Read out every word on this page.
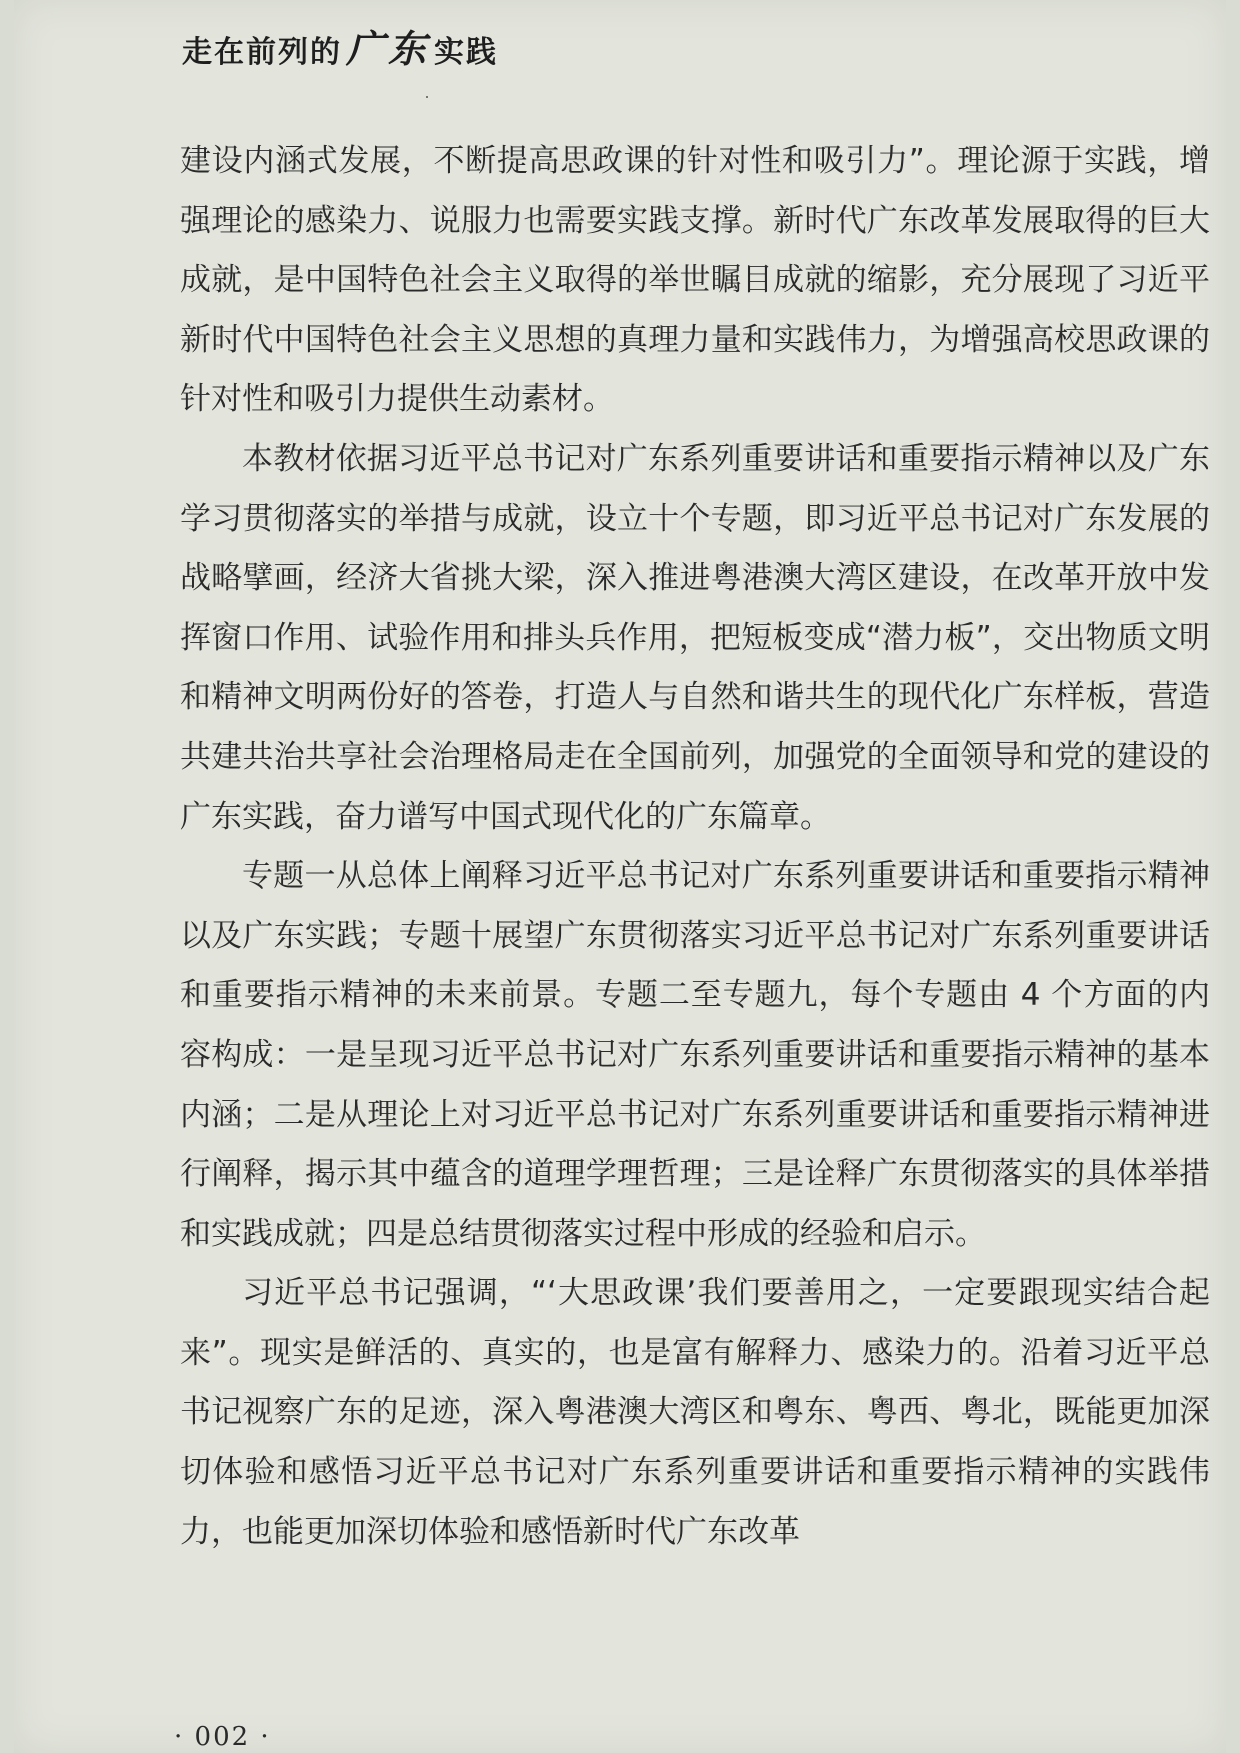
走在前列的 广东 实践

建设内涵式发展，不断提高思政课的针对性和吸引力”。理论源于实践，增强理论的感染力、说服力也需要实践支撑。新时代广东改革发展取得的巨大成就，是中国特色社会主义取得的举世瞩目成就的缩影，充分展现了习近平新时代中国特色社会主义思想的真理力量和实践伟力，为增强高校思政课的针对性和吸引力提供生动素材。

本教材依据习近平总书记对广东系列重要讲话和重要指示精神以及广东学习贯彻落实的举措与成就，设立十个专题，即习近平总书记对广东发展的战略擘画，经济大省挑大梁，深入推进粤港澳大湾区建设，在改革开放中发挥窗口作用、试验作用和排头兵作用，把短板变成“潜力板”，交出物质文明和精神文明两份好的答卷，打造人与自然和谐共生的现代化广东样板，营造共建共治共享社会治理格局走在全国前列，加强党的全面领导和党的建设的广东实践，奋力谱写中国式现代化的广东篇章。

专题一从总体上阐释习近平总书记对广东系列重要讲话和重要指示精神以及广东实践；专题十展望广东贯彻落实习近平总书记对广东系列重要讲话和重要指示精神的未来前景。专题二至专题九，每个专题由 4 个方面的内容构成：一是呈现习近平总书记对广东系列重要讲话和重要指示精神的基本内涵；二是从理论上对习近平总书记对广东系列重要讲话和重要指示精神进行阐释，揭示其中蕴含的道理学理哲理；三是诠释广东贯彻落实的具体举措和实践成就；四是总结贯彻落实过程中形成的经验和启示。

习近平总书记强调，“‘大思政课’我们要善用之，一定要跟现实结合起来”。现实是鲜活的、真实的，也是富有解释力、感染力的。沿着习近平总书记视察广东的足迹，深入粤港澳大湾区和粤东、粤西、粤北，既能更加深切体验和感悟习近平总书记对广东系列重要讲话和重要指示精神的实践伟力，也能更加深切体验和感悟新时代广东改革

· 002 ·
